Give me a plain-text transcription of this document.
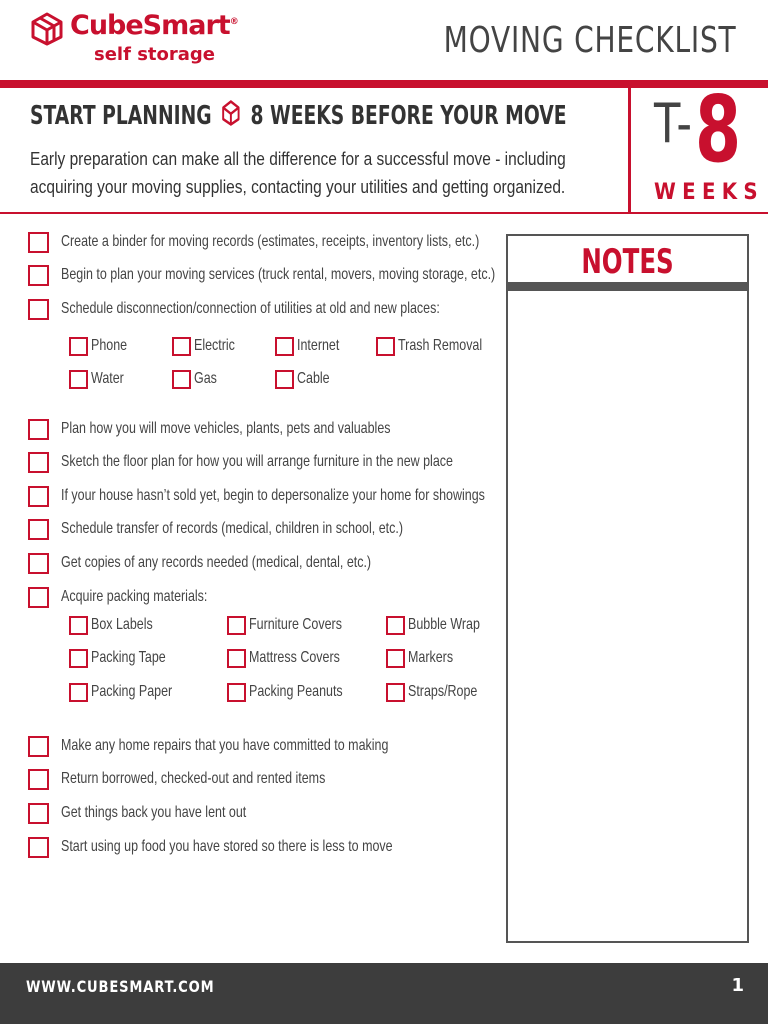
CubeSmart®
self storage	MOVING CHECKLIST
START PLANNING 8 WEEKS BEFORE YOUR MOVE
Early preparation can make all the difference for a successful move - including
acquiring your moving supplies, contacting your utilities and getting organized.
T- 8
WEEKS
Create a binder for moving records (estimates, receipts, inventory lists, etc.)
Begin to plan your moving services (truck rental, movers, moving storage, etc.)
Schedule disconnection/connection of utilities at old and new places:
Phone	Electric	Internet	Trash Removal
Water	Gas	Cable
Plan how you will move vehicles, plants, pets and valuables
Sketch the floor plan for how you will arrange furniture in the new place
If your house hasn’t sold yet, begin to depersonalize your home for showings
Schedule transfer of records (medical, children in school, etc.)
Get copies of any records needed (medical, dental, etc.)
Acquire packing materials:
Box Labels	Furniture Covers	Bubble Wrap
Packing Tape	Mattress Covers	Markers
Packing Paper	Packing Peanuts	Straps/Rope
Make any home repairs that you have committed to making
Return borrowed, checked-out and rented items
Get things back you have lent out
Start using up food you have stored so there is less to move
NOTES
WWW.CUBESMART.COM	1
